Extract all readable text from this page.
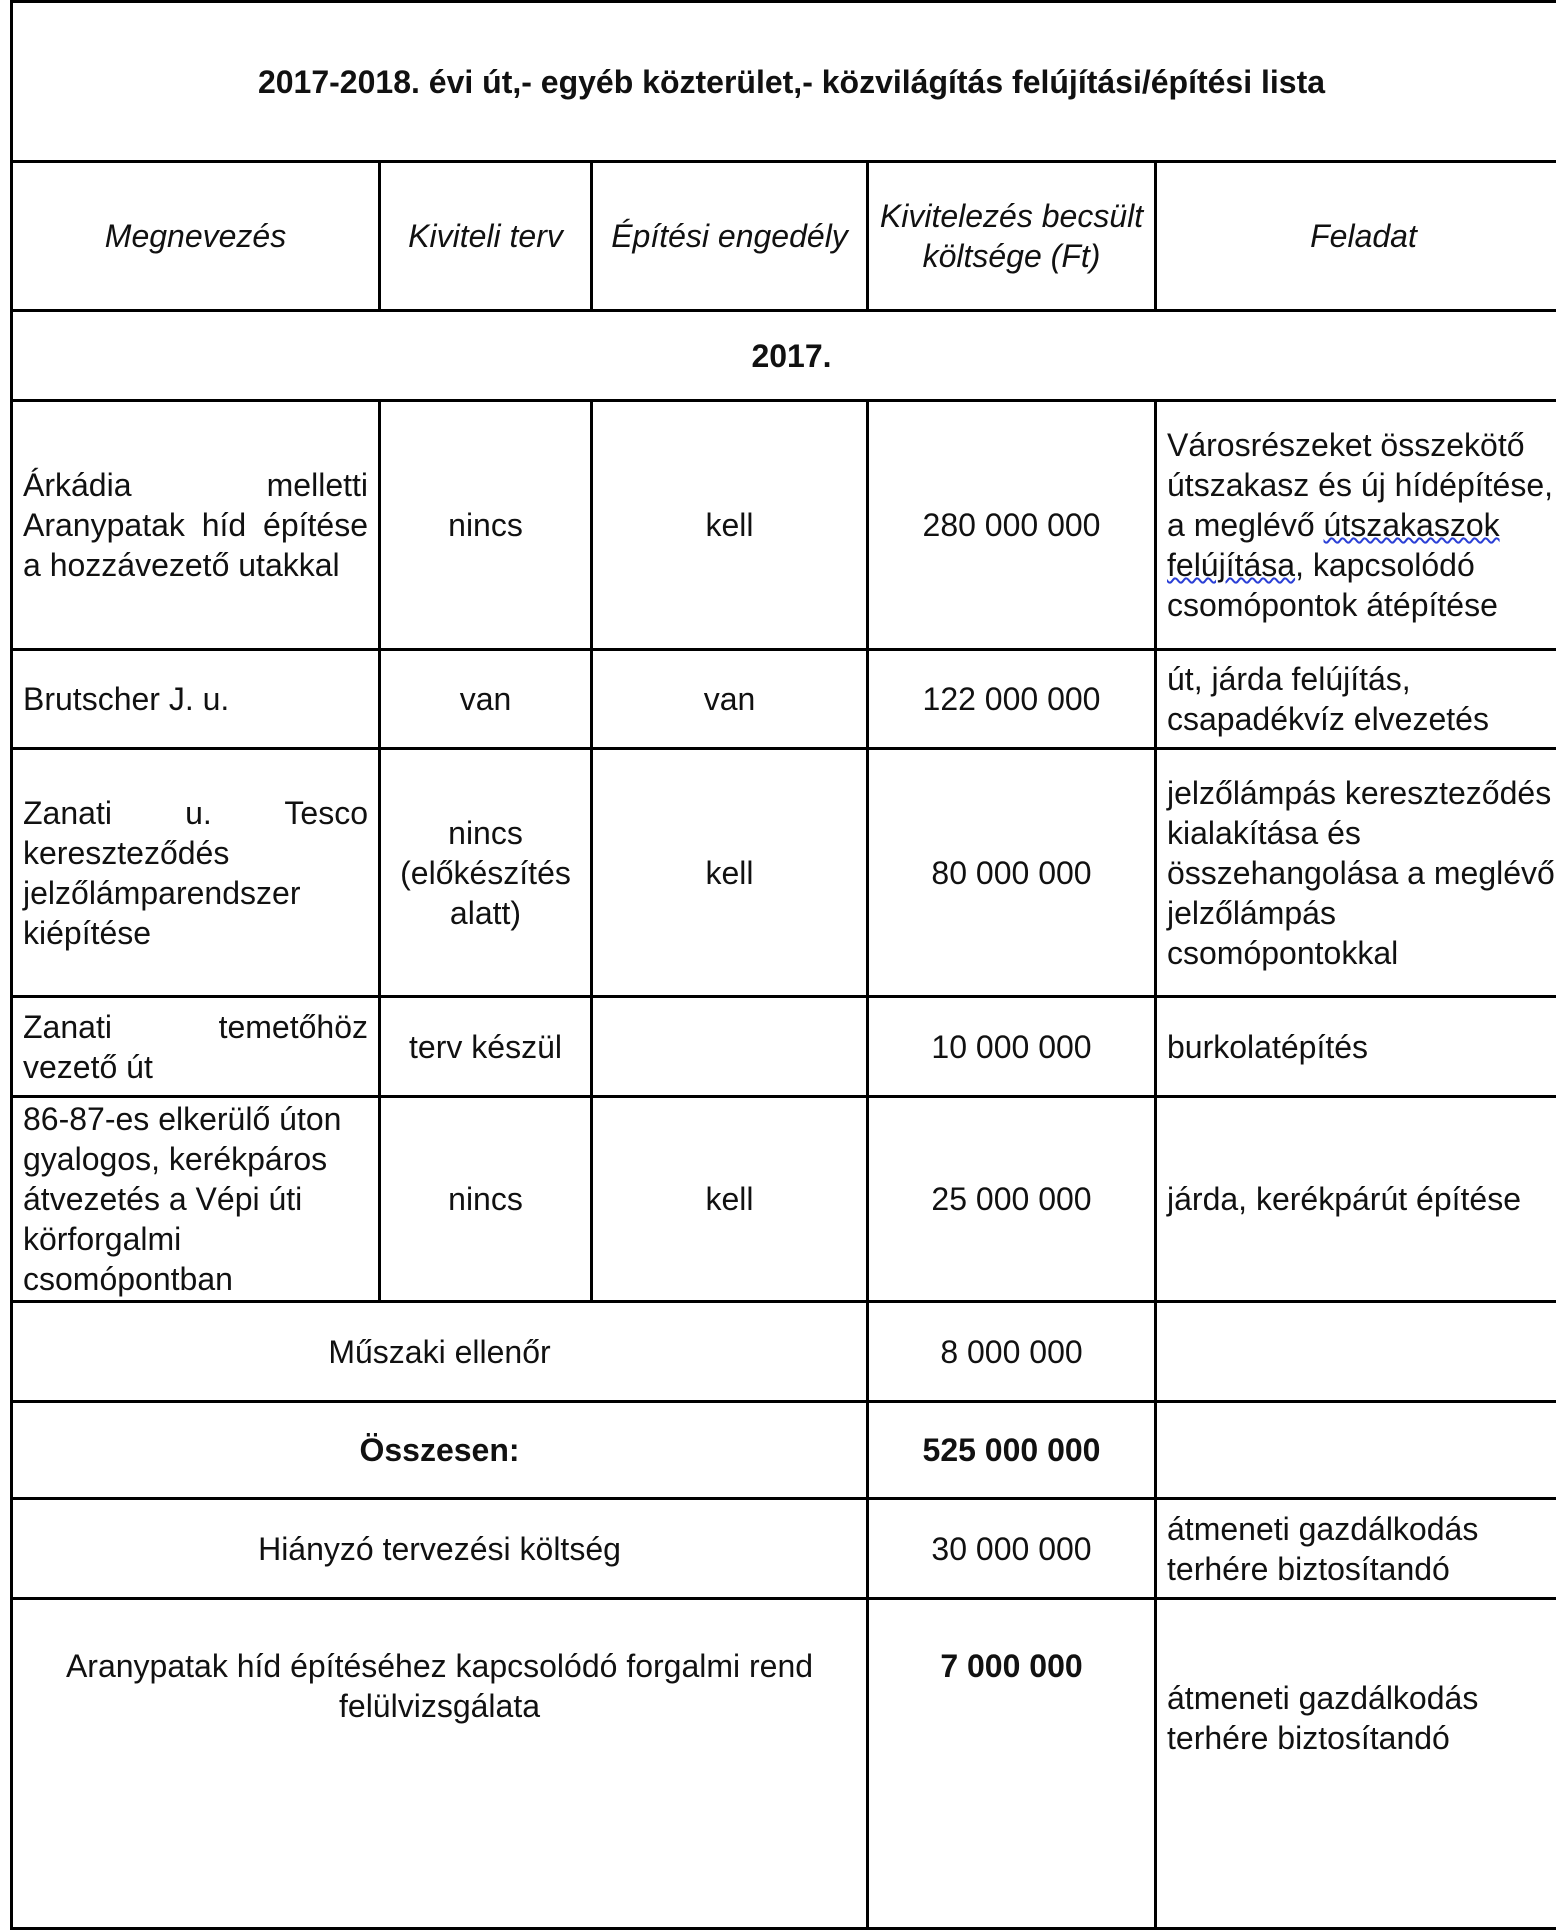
2017-2018. évi út,- egyéb közterület,- közvilágítás felújítási/építési lista				
Megnevezés	Kiviteli terv	Építési engedély	Kivitelezés becsült költsége (Ft)	Feladat
2017.				
Árkádia melletti Aranypatak híd építése a hozzávezető utakkal	nincs	kell	280 000 000	Városrészeket összekötő útszakasz és új hídépítése, a meglévő útszakaszok felújítása, kapcsolódó csomópontok átépítése
Brutscher J. u.	van	van	122 000 000	út, járda felújítás, csapadékvíz elvezetés
Zanati u. Tesco kereszteződés jelzőlámparendszer kiépítése	nincs (előkészítés alatt)	kell	80 000 000	jelzőlámpás kereszteződés kialakítása és összehangolása a meglévő jelzőlámpás csomópontokkal
Zanati temetőhöz vezető út	terv készül		10 000 000	burkolatépítés
86-87-es elkerülő úton gyalogos, kerékpáros átvezetés a Vépi úti körforgalmi csomópontban	nincs	kell	25 000 000	járda, kerékpárút építése
Műszaki ellenőr			8 000 000	
Összesen:			525 000 000	
Hiányzó tervezési költség			30 000 000	átmeneti gazdálkodás terhére biztosítandó
Aranypatak híd építéséhez kapcsolódó forgalmi rend felülvizsgálata			7 000 000	átmeneti gazdálkodás terhére biztosítandó
